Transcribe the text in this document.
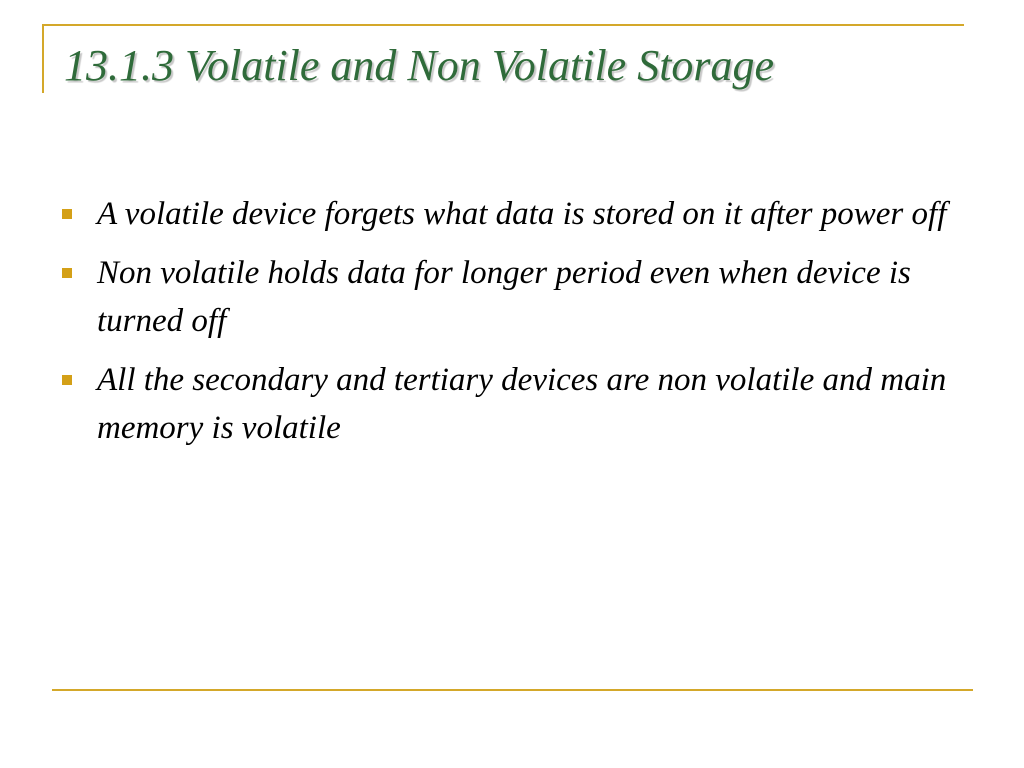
13.1.3 Volatile and Non Volatile Storage
A volatile device forgets what data is stored on it after power off
Non volatile holds data for longer period even when device is turned off
All the secondary and tertiary devices are non volatile and main memory is volatile
